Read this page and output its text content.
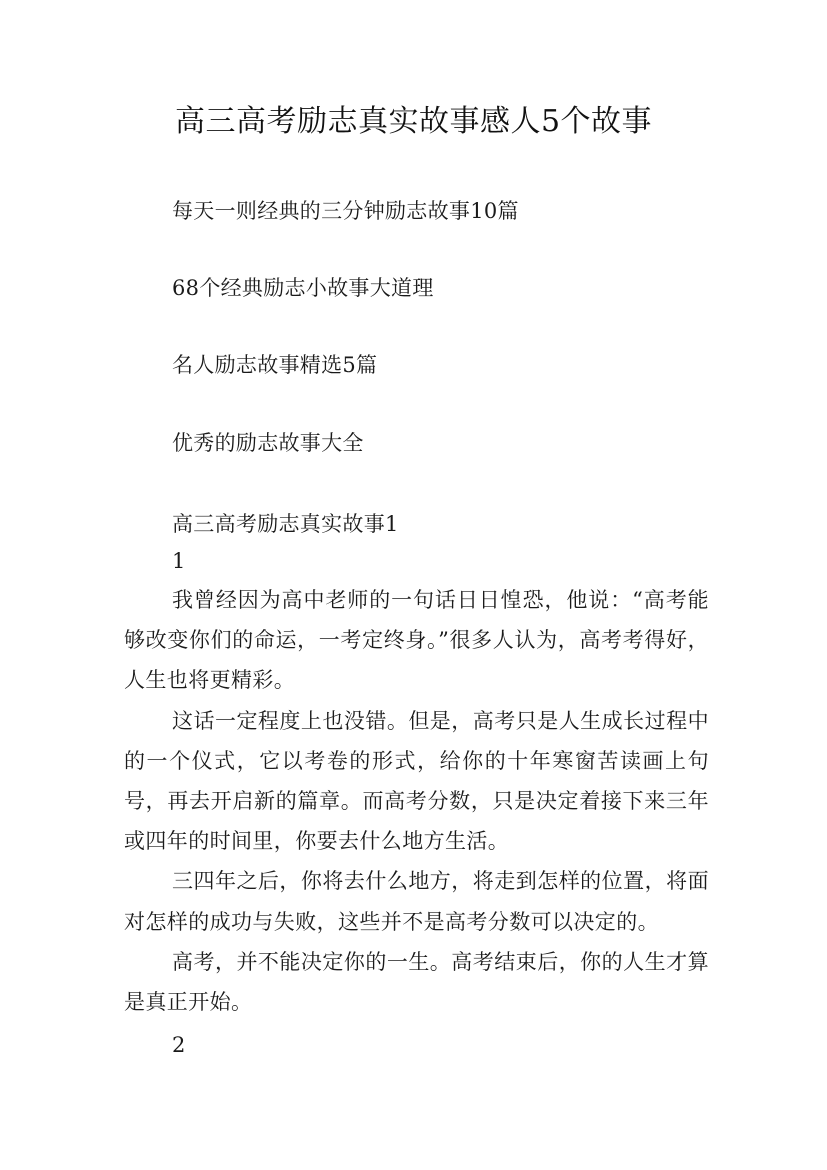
高三高考励志真实故事感人5个故事
每天一则经典的三分钟励志故事10篇
68个经典励志小故事大道理
名人励志故事精选5篇
优秀的励志故事大全

高三高考励志真实故事1

1

我曾经因为高中老师的一句话日日惶恐，他说：“高考能够改变你们的命运，一考定终身。”很多人认为，高考考得好，人生也将更精彩。

这话一定程度上也没错。但是，高考只是人生成长过程中的一个仪式，它以考卷的形式，给你的十年寒窗苦读画上句号，再去开启新的篇章。而高考分数，只是决定着接下来三年或四年的时间里，你要去什么地方生活。

三四年之后，你将去什么地方，将走到怎样的位置，将面对怎样的成功与失败，这些并不是高考分数可以决定的。

高考，并不能决定你的一生。高考结束后，你的人生才算是真正开始。

2
